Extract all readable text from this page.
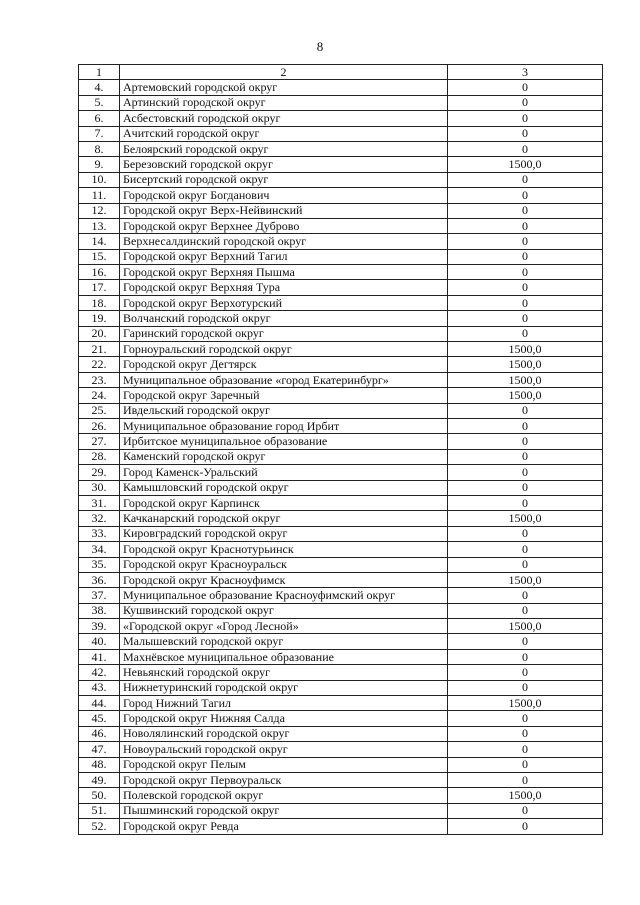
8
1	2	3
4.	Артемовский городской округ	0
5.	Артинский городской округ	0
6.	Асбестовский городской округ	0
7.	Ачитский городской округ	0
8.	Белоярский городской округ	0
9.	Березовский городской округ	1500,0
10.	Бисертский городской округ	0
11.	Городской округ Богданович	0
12.	Городской округ Верх-Нейвинский	0
13.	Городской округ Верхнее Дуброво	0
14.	Верхнесалдинский городской округ	0
15.	Городской округ Верхний Тагил	0
16.	Городской округ Верхняя Пышма	0
17.	Городской округ Верхняя Тура	0
18.	Городской округ Верхотурский	0
19.	Волчанский городской округ	0
20.	Гаринский городской округ	0
21.	Горноуральский городской округ	1500,0
22.	Городской округ Дегтярск	1500,0
23.	Муниципальное образование «город Екатеринбург»	1500,0
24.	Городской округ Заречный	1500,0
25.	Ивдельский городской округ	0
26.	Муниципальное образование город Ирбит	0
27.	Ирбитское муниципальное образование	0
28.	Каменский городской округ	0
29.	Город Каменск-Уральский	0
30.	Камышловский городской округ	0
31.	Городской округ Карпинск	0
32.	Качканарский городской округ	1500,0
33.	Кировградский городской округ	0
34.	Городской округ Краснотурьинск	0
35.	Городской округ Красноуральск	0
36.	Городской округ Красноуфимск	1500,0
37.	Муниципальное образование Красноуфимский округ	0
38.	Кушвинский городской округ	0
39.	«Городской округ «Город Лесной»	1500,0
40.	Малышевский городской округ	0
41.	Махнёвское муниципальное образование	0
42.	Невьянский городской округ	0
43.	Нижнетуринский городской округ	0
44.	Город Нижний Тагил	1500,0
45.	Городской округ Нижняя Салда	0
46.	Новолялинский городской округ	0
47.	Новоуральский городской округ	0
48.	Городской округ Пелым	0
49.	Городской округ Первоуральск	0
50.	Полевской городской округ	1500,0
51.	Пышминский городской округ	0
52.	Городской округ Ревда	0
